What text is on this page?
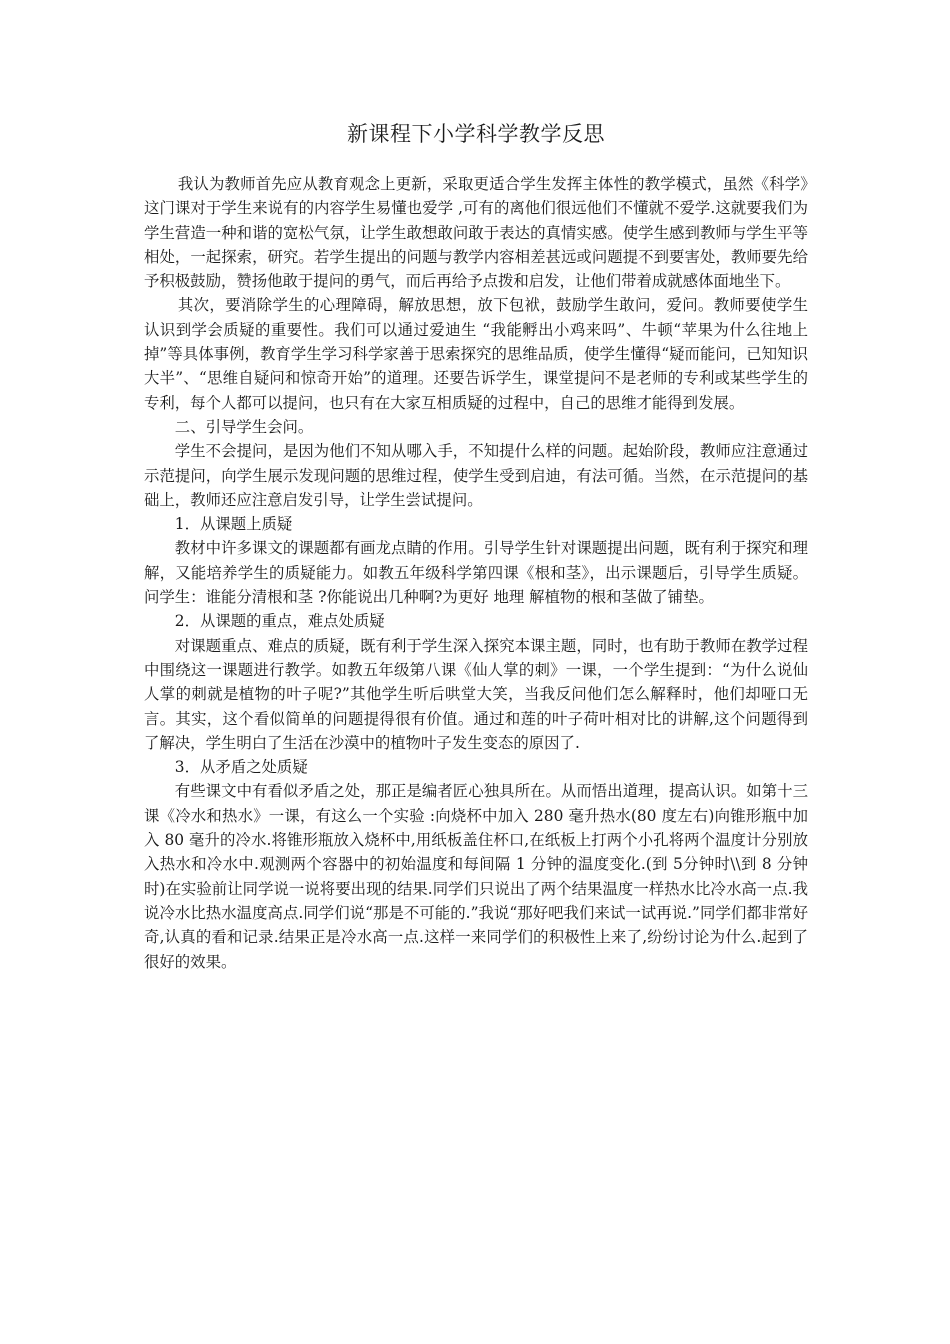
新课程下小学科学教学反思

我认为教师首先应从教育观念上更新，采取更适合学生发挥主体性的教学模式，虽然《科学》这门课对于学生来说有的内容学生易懂也爱学 ,可有的离他们很远他们不懂就不爱学.这就要我们为学生营造一种和谐的宽松气氛，让学生敢想敢问敢于表达的真情实感。使学生感到教师与学生平等相处，一起探索，研究。若学生提出的问题与教学内容相差甚远或问题提不到要害处，教师要先给予积极鼓励，赞扬他敢于提问的勇气，而后再给予点拨和启发，让他们带着成就感体面地坐下。

其次，要消除学生的心理障碍，解放思想，放下包袱，鼓励学生敢问，爱问。教师要使学生认识到学会质疑的重要性。我们可以通过爱迪生 “我能孵出小鸡来吗”、牛顿“苹果为什么往地上掉”等具体事例，教育学生学习科学家善于思索探究的思维品质，使学生懂得“疑而能问，已知知识大半”、“思维自疑问和惊奇开始”的道理。还要告诉学生，课堂提问不是老师的专利或某些学生的专利，每个人都可以提问，也只有在大家互相质疑的过程中，自己的思维才能得到发展。

二、引导学生会问。

学生不会提问，是因为他们不知从哪入手，不知提什么样的问题。起始阶段，教师应注意通过示范提问，向学生展示发现问题的思维过程，使学生受到启迪，有法可循。当然，在示范提问的基础上，教师还应注意启发引导，让学生尝试提问。

1．从课题上质疑

教材中许多课文的课题都有画龙点睛的作用。引导学生针对课题提出问题，既有利于探究和理解，又能培养学生的质疑能力。如教五年级科学第四课《根和茎》，出示课题后，引导学生质疑。问学生：谁能分清根和茎 ?你能说出几种啊?为更好 地理 解植物的根和茎做了铺垫。

2．从课题的重点，难点处质疑

对课题重点、难点的质疑，既有利于学生深入探究本课主题，同时，也有助于教师在教学过程中围绕这一课题进行教学。如教五年级第八课《仙人掌的刺》一课，一个学生提到：“为什么说仙人掌的刺就是植物的叶子呢?”其他学生听后哄堂大笑，当我反问他们怎么解释时，他们却哑口无言。其实，这个看似简单的问题提得很有价值。通过和莲的叶子荷叶相对比的讲解,这个问题得到了解决，学生明白了生活在沙漠中的植物叶子发生变态的原因了.

3．从矛盾之处质疑

有些课文中有看似矛盾之处，那正是编者匠心独具所在。从而悟出道理，提高认识。如第十三课《冷水和热水》一课，有这么一个实验 :向烧杯中加入 280 毫升热水(80 度左右)向锥形瓶中加入 80 毫升的冷水.将锥形瓶放入烧杯中,用纸板盖住杯口,在纸板上打两个小孔将两个温度计分别放入热水和冷水中.观测两个容器中的初始温度和每间隔 1 分钟的温度变化.(到 5分钟时\\到 8 分钟时)在实验前让同学说一说将要出现的结果.同学们只说出了两个结果温度一样热水比冷水高一点.我说冷水比热水温度高点.同学们说“那是不可能的.”我说“那好吧我们来试一试再说.”同学们都非常好奇,认真的看和记录.结果正是冷水高一点.这样一来同学们的积极性上来了,纷纷讨论为什么.起到了很好的效果。
